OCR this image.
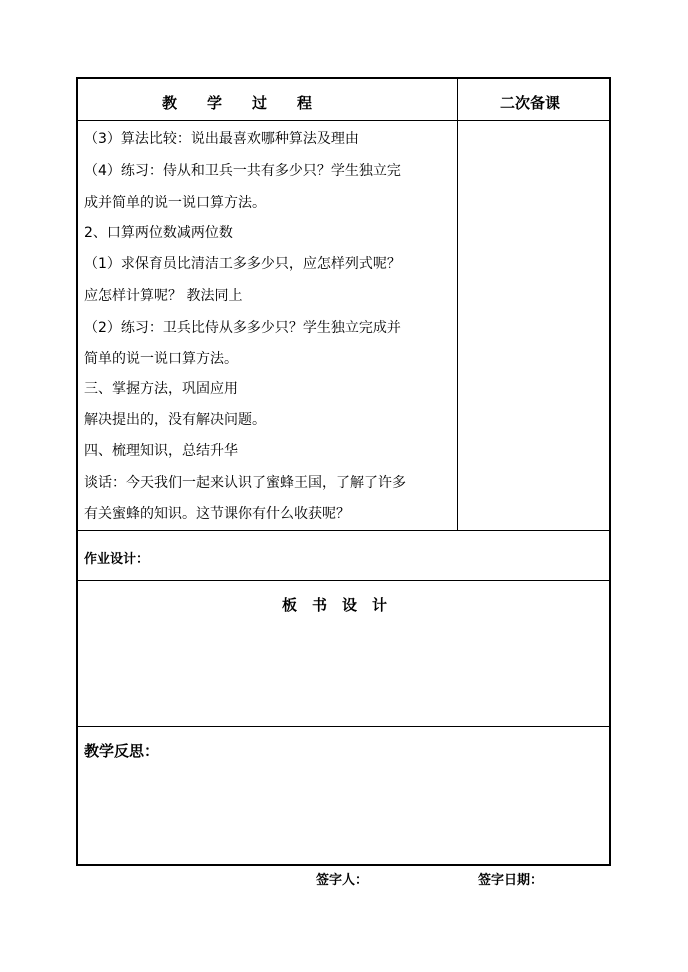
教　　学　　过　　程	二次备课
（3）算法比较：说出最喜欢哪种算法及理由
（4）练习：侍从和卫兵一共有多少只？学生独立完
成并简单的说一说口算方法。
2、口算两位数减两位数
（1）求保育员比清洁工多多少只，应怎样列式呢？
应怎样计算呢？ 教法同上
（2）练习：卫兵比侍从多多少只？学生独立完成并
简单的说一说口算方法。
三、掌握方法，巩固应用
解决提出的，没有解决问题。
四、梳理知识，总结升华
谈话：今天我们一起来认识了蜜蜂王国，了解了许多
有关蜜蜂的知识。这节课你有什么收获呢？
作业设计：
板　书　设　计
教学反思：
签字人：	签字日期：
